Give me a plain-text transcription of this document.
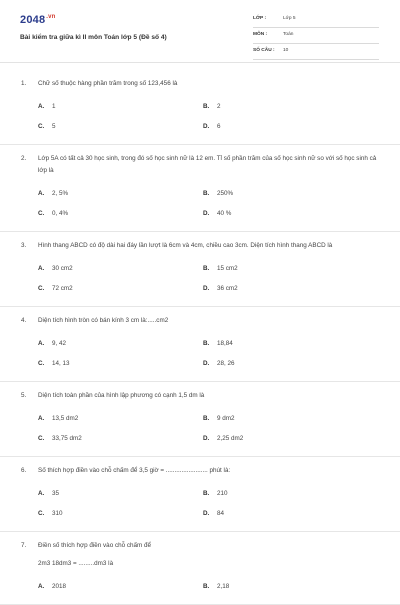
$2048^{.vn}$
Bài kiểm tra giữa kì II môn Toán lớp 5 (Đề số 4)
LỚP :	Lớp 5
MÔN :	Toán
SỐ CÂU : 10
1. Chữ số thuộc hàng phần trăm trong số 123,456 là
A.	1	B.	2
C.	5	D.	6
2. Lớp 5A có tất cả 30 học sinh, trong đó số học sinh nữ là 12 em. Tỉ số phần trăm của số học sinh nữ so với số học sinh cả lớp là
A.	2, 5%	B.	250%
C.	0, 4%	D.	40 %
3. Hình thang ABCD có độ dài hai đáy lần lượt là 6cm và 4cm, chiều cao 3cm. Diện tích hình thang ABCD là
A.	30 cm2	B.	15 cm2
C.	72 cm2	D.	36 cm2
4. Diện tích hình tròn có bán kính 3 cm là:.....cm2
A.	9, 42	B.	18,84
C.	14, 13	D.	28, 26
5. Diện tích toàn phần của hình lập phương có cạnh 1,5 dm là
A.	13,5 dm2	B.	9 dm2
C.	33,75 dm2	D.	2,25 dm2
6. Số thích hợp điền vào chỗ chấm để 3,5 giờ = ........................ phút là:
A.	35	B.	210
C.	310	D.	84
7. Điền số thích hợp điền vào chỗ chấm để
2m3 18dm3 = .........dm3 là
A.	2018	B.	2,18
